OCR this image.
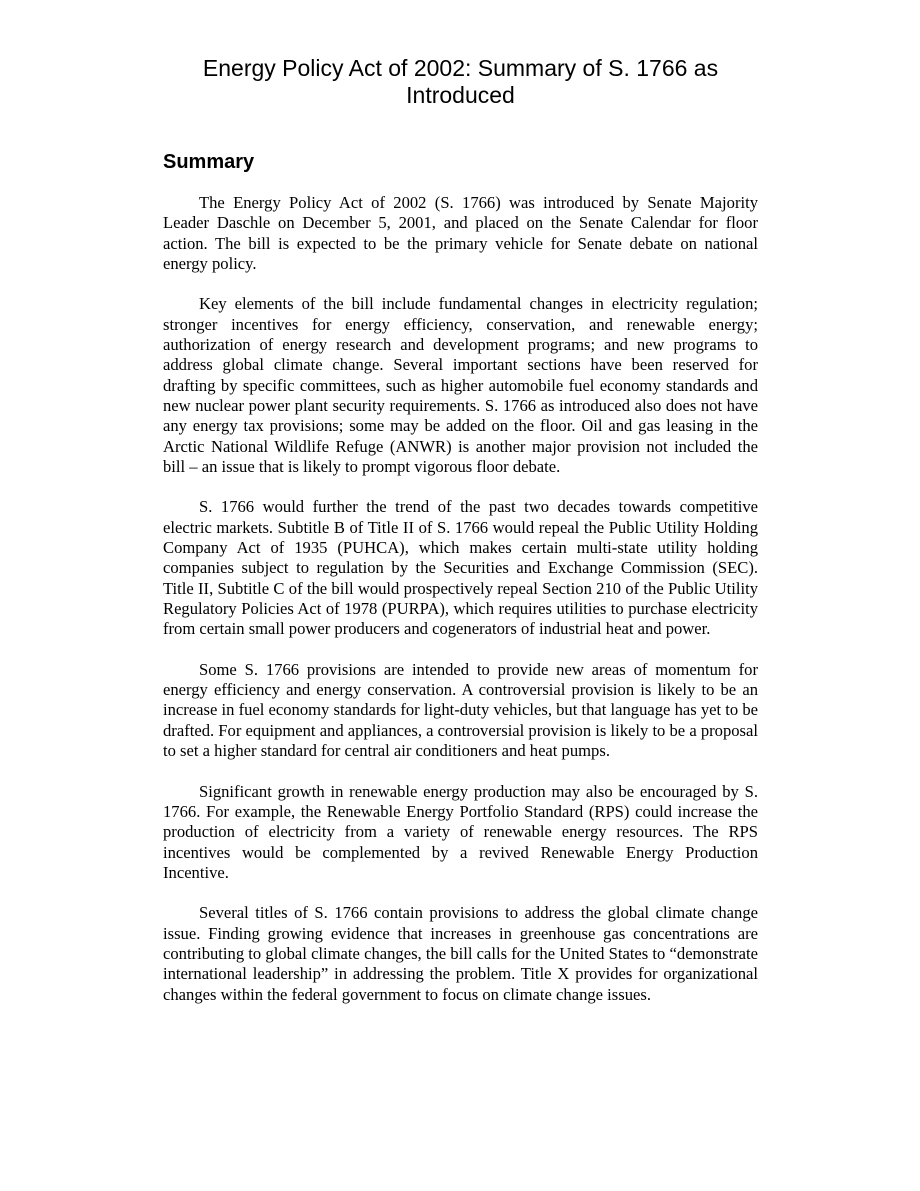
Energy Policy Act of 2002: Summary of S. 1766 as Introduced
Summary

The Energy Policy Act of 2002 (S. 1766) was introduced by Senate Majority Leader Daschle on December 5, 2001, and placed on the Senate Calendar for floor action. The bill is expected to be the primary vehicle for Senate debate on national energy policy.

Key elements of the bill include fundamental changes in electricity regulation; stronger incentives for energy efficiency, conservation, and renewable energy; authorization of energy research and development programs; and new programs to address global climate change. Several important sections have been reserved for drafting by specific committees, such as higher automobile fuel economy standards and new nuclear power plant security requirements. S. 1766 as introduced also does not have any energy tax provisions; some may be added on the floor. Oil and gas leasing in the Arctic National Wildlife Refuge (ANWR) is another major provision not included the bill – an issue that is likely to prompt vigorous floor debate.

S. 1766 would further the trend of the past two decades towards competitive electric markets. Subtitle B of Title II of S. 1766 would repeal the Public Utility Holding Company Act of 1935 (PUHCA), which makes certain multi-state utility holding companies subject to regulation by the Securities and Exchange Commission (SEC). Title II, Subtitle C of the bill would prospectively repeal Section 210 of the Public Utility Regulatory Policies Act of 1978 (PURPA), which requires utilities to purchase electricity from certain small power producers and cogenerators of industrial heat and power.

Some S. 1766 provisions are intended to provide new areas of momentum for energy efficiency and energy conservation. A controversial provision is likely to be an increase in fuel economy standards for light-duty vehicles, but that language has yet to be drafted. For equipment and appliances, a controversial provision is likely to be a proposal to set a higher standard for central air conditioners and heat pumps.

Significant growth in renewable energy production may also be encouraged by S. 1766. For example, the Renewable Energy Portfolio Standard (RPS) could increase the production of electricity from a variety of renewable energy resources. The RPS incentives would be complemented by a revived Renewable Energy Production Incentive.

Several titles of S. 1766 contain provisions to address the global climate change issue. Finding growing evidence that increases in greenhouse gas concentrations are contributing to global climate changes, the bill calls for the United States to “demonstrate international leadership” in addressing the problem. Title X provides for organizational changes within the federal government to focus on climate change issues.
